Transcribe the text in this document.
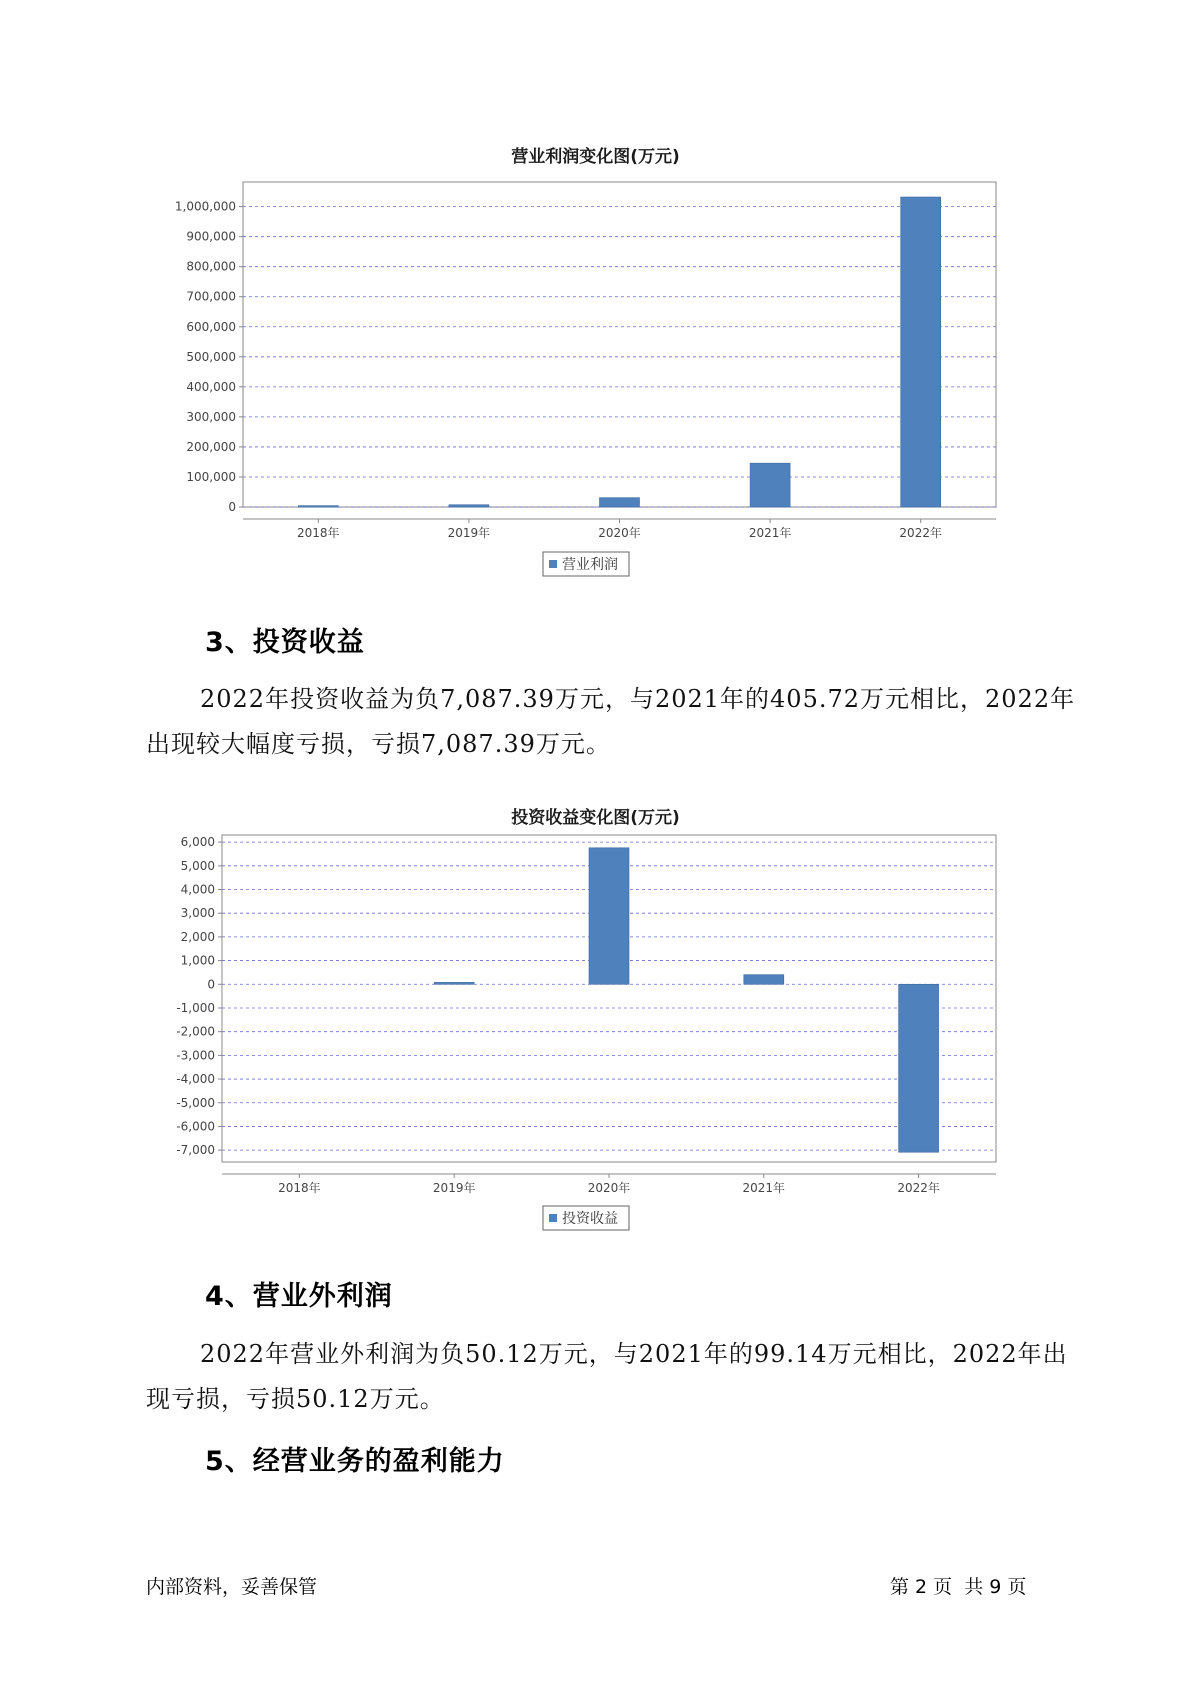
营业利润变化图(万元)
1,000,000
900,000
800,000
700,000
600,000
500,000
400,000
300,000
200,000
100,000
0
2018年	2019年	2020年	2021年	2022年
营业利润
3、投资收益

2022年投资收益为负7,087.39万元，与2021年的405.72万元相比，2022年出现较大幅度亏损，亏损7,087.39万元。

投资收益变化图(万元)
6,000
5,000
4,000
3,000
2,000
1,000
0
-1,000
-2,000
-3,000
-4,000
-5,000
-6,000
-7,000
2018年	2019年	2020年	2021年	2022年
投资收益
4、营业外利润

2022年营业外利润为负50.12万元，与2021年的99.14万元相比，2022年出现亏损，亏损50.12万元。

5、经营业务的盈利能力
内部资料，妥善保管	第 2 页  共 9 页
